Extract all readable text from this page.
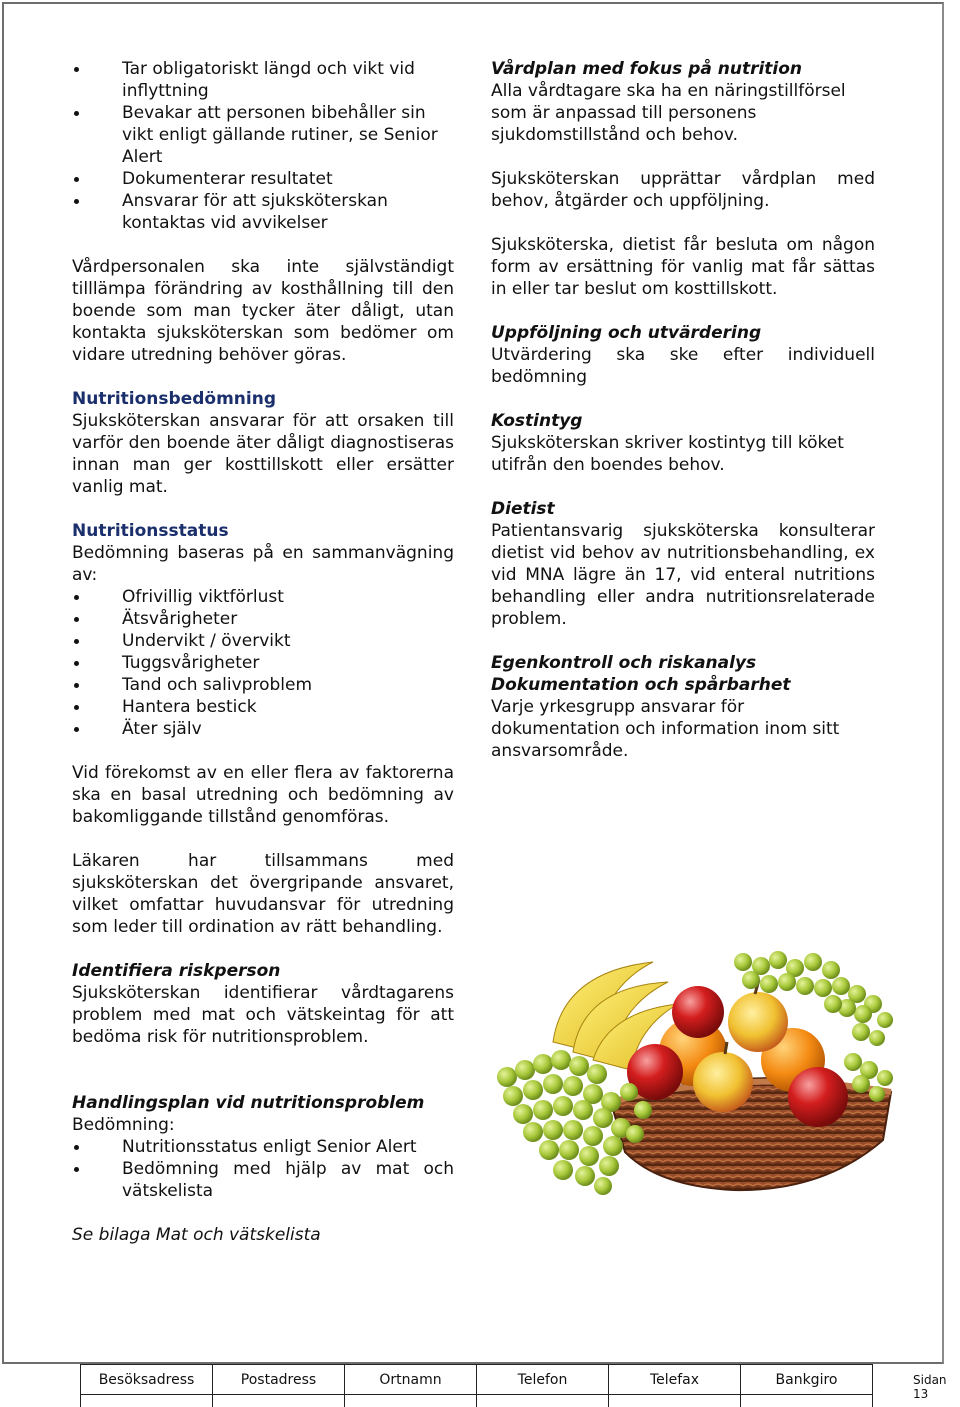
Tar obligatoriskt längd och vikt vid inflyttning
Bevakar att personen bibehåller sin vikt enligt gällande rutiner, se Senior Alert
Dokumenterar resultatet
Ansvarar för att sjuksköterskan kontaktas vid avvikelser

Vårdpersonalen ska inte självständigt tilllämpa förändring av kosthållning till den boende som man tycker äter dåligt, utan kontakta sjuksköterskan som bedömer om vidare utredning behöver göras.

Nutritionsbedömning
Sjuksköterskan ansvarar för att orsaken till varför den boende äter dåligt diagnostiseras innan man ger kosttillskott eller ersätter vanlig mat.
Nutritionsstatus
Bedömning baseras på en sammanvägning av:
Ofrivillig viktförlust
Ätsvårigheter
Undervikt / övervikt
Tuggsvårigheter
Tand och salivproblem
Hantera bestick
Äter själv

Vid förekomst av en eller flera av faktorerna ska en basal utredning och bedömning av bakomliggande tillstånd genomföras.

Läkaren har tillsammans med sjuksköterskan det övergripande ansvaret, vilket omfattar huvudansvar för utredning som leder till ordination av rätt behandling.

Identifiera riskperson
Sjuksköterskan identifierar vårdtagarens problem med mat och vätskeintag för att bedöma risk för nutritionsproblem.
Handlingsplan vid nutritionsproblem
Bedömning:
Nutritionsstatus enligt Senior Alert
Bedömning med hjälp av mat och vätskelista
Se bilaga Mat och vätskelista
Vårdplan med fokus på nutrition

Alla vårdtagare ska ha en näringstillförsel som är anpassad till personens sjukdomstillstånd och behov.

Sjuksköterskan upprättar vårdplan med behov, åtgärder och uppföljning.

Sjuksköterska, dietist får besluta om någon form av ersättning för vanlig mat får sättas in eller tar beslut om kosttillskott.

Uppföljning och utvärdering
Utvärdering ska ske efter individuell bedömning
Kostintyg
Sjuksköterskan skriver kostintyg till köket utifrån den boendes behov.
Dietist
Patientansvarig sjuksköterska konsulterar dietist vid behov av nutritionsbehandling, ex vid MNA lägre än 17, vid enteral nutritions behandling eller andra nutritionsrelaterade problem.
Egenkontroll och riskanalys
Dokumentation och spårbarhet
Varje yrkesgrupp ansvarar för dokumentation och information inom sitt ansvarsområde.
Besöksadress	Postadress	Ortnamn	Telefon	Telefax	Bankgiro
						Sidan 13
